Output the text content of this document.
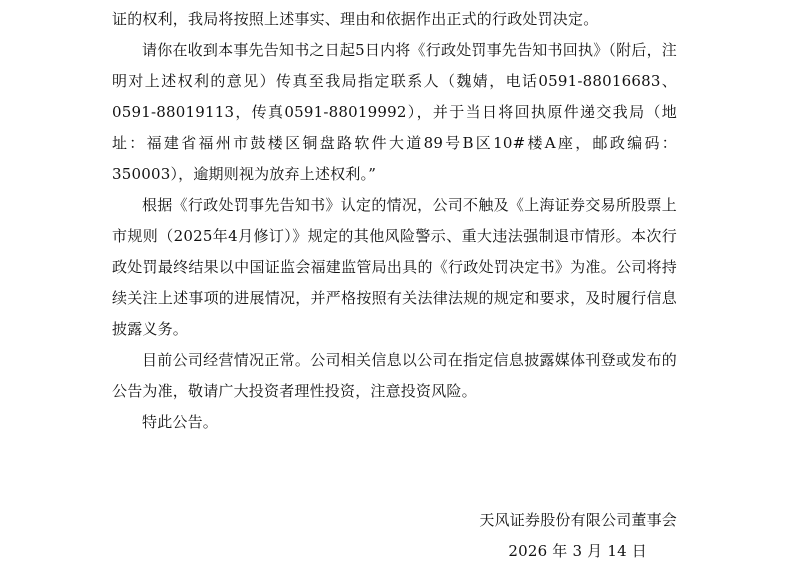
证的权利，我局将按照上述事实、理由和依据作出正式的行政处罚决定。

请你在收到本事先告知书之日起5日内将《行政处罚事先告知书回执》（附后，注明对上述权利的意见）传真至我局指定联系人（魏婧，电话0591-88016683、0591-88019113，传真0591-88019992），并于当日将回执原件递交我局（地址：福建省福州市鼓楼区铜盘路软件大道89号B区10#楼A座，邮政编码：350003），逾期则视为放弃上述权利。”

根据《行政处罚事先告知书》认定的情况，公司不触及《上海证券交易所股票上市规则（2025年4月修订）》规定的其他风险警示、重大违法强制退市情形。本次行政处罚最终结果以中国证监会福建监管局出具的《行政处罚决定书》为准。公司将持续关注上述事项的进展情况，并严格按照有关法律法规的规定和要求，及时履行信息披露义务。

目前公司经营情况正常。公司相关信息以公司在指定信息披露媒体刊登或发布的公告为准，敬请广大投资者理性投资，注意投资风险。

特此公告。

天风证券股份有限公司董事会
2026 年 3 月 14 日
